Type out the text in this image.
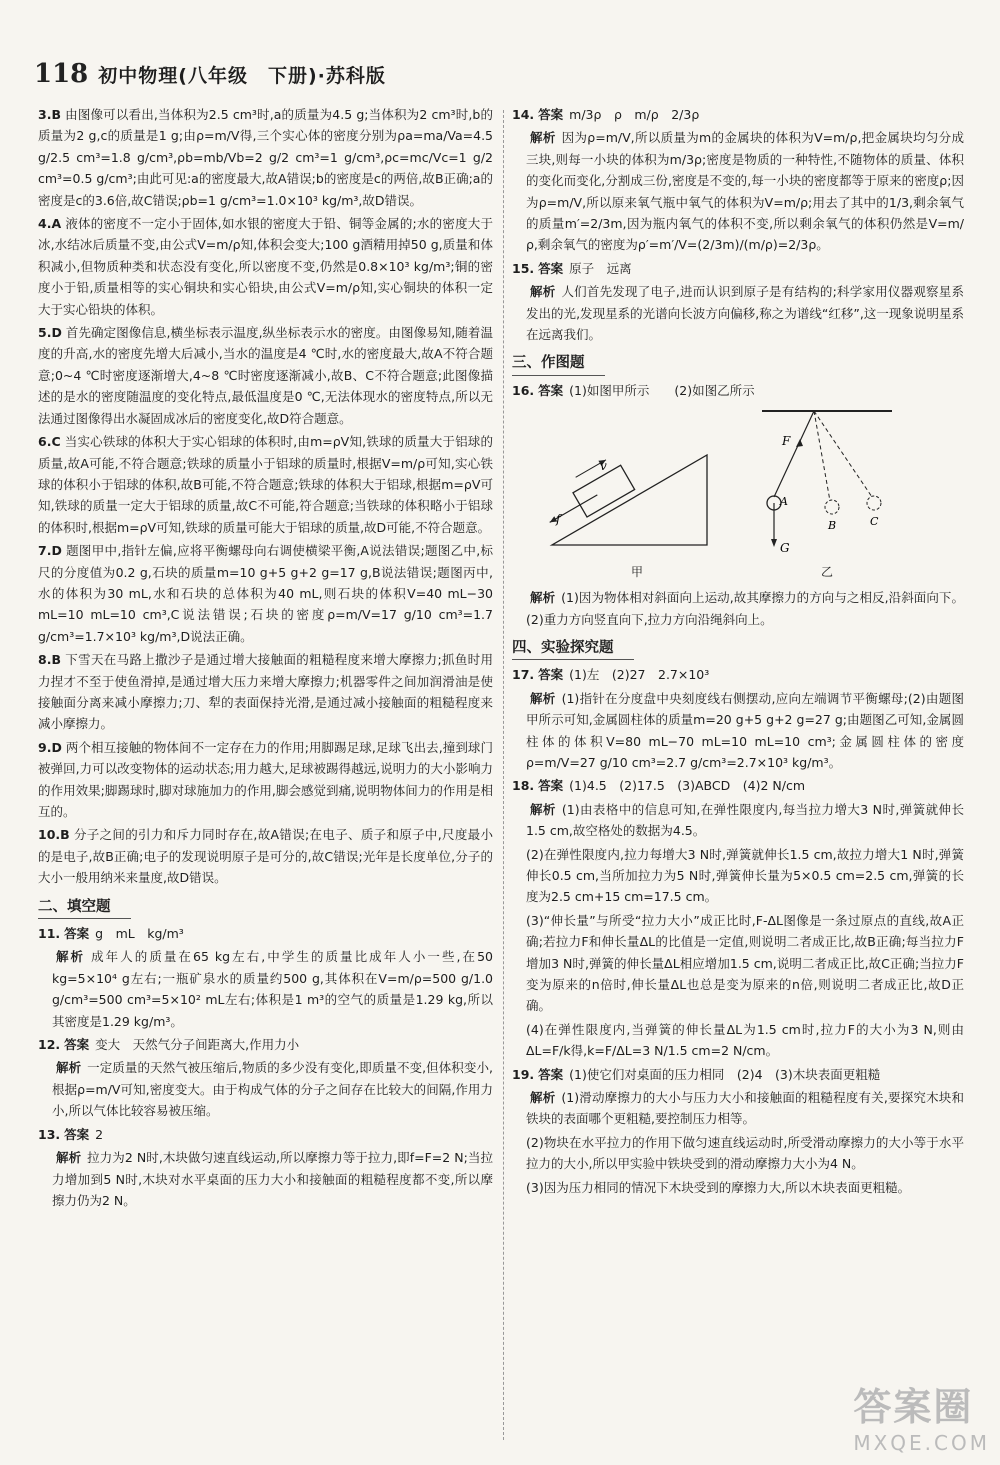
118 初中物理(八年级　下册)·苏科版

3.B 由图像可以看出,当体积为2.5 cm³时,a的质量为4.5 g;当体积为2 cm³时,b的质量为2 g,c的质量是1 g;由ρ=m/V得,三个实心体的密度分别为ρa=ma/Va=4.5 g/2.5 cm³=1.8 g/cm³,ρb=mb/Vb=2 g/2 cm³=1 g/cm³,ρc=mc/Vc=1 g/2 cm³=0.5 g/cm³;由此可见:a的密度最大,故A错误;b的密度是c的两倍,故B正确;a的密度是c的3.6倍,故C错误;ρb=1 g/cm³=1.0×10³ kg/m³,故D错误。

4.A 液体的密度不一定小于固体,如水银的密度大于铅、铜等金属的;水的密度大于冰,水结冰后质量不变,由公式V=m/ρ知,体积会变大;100 g酒精用掉50 g,质量和体积减小,但物质种类和状态没有变化,所以密度不变,仍然是0.8×10³ kg/m³;铜的密度小于铅,质量相等的实心铜块和实心铅块,由公式V=m/ρ知,实心铜块的体积一定大于实心铅块的体积。

5.D 首先确定图像信息,横坐标表示温度,纵坐标表示水的密度。由图像易知,随着温度的升高,水的密度先增大后减小,当水的温度是4 ℃时,水的密度最大,故A不符合题意;0~4 ℃时密度逐渐增大,4~8 ℃时密度逐渐减小,故B、C不符合题意;此图像描述的是水的密度随温度的变化特点,最低温度是0 ℃,无法体现水的密度特点,所以无法通过图像得出水凝固成冰后的密度变化,故D符合题意。

6.C 当实心铁球的体积大于实心铝球的体积时,由m=ρV知,铁球的质量大于铝球的质量,故A可能,不符合题意;铁球的质量小于铝球的质量时,根据V=m/ρ可知,实心铁球的体积小于铝球的体积,故B可能,不符合题意;铁球的体积大于铝球,根据m=ρV可知,铁球的质量一定大于铝球的质量,故C不可能,符合题意;当铁球的体积略小于铝球的体积时,根据m=ρV可知,铁球的质量可能大于铝球的质量,故D可能,不符合题意。

7.D 题图甲中,指针左偏,应将平衡螺母向右调使横梁平衡,A说法错误;题图乙中,标尺的分度值为0.2 g,石块的质量m=10 g+5 g+2 g=17 g,B说法错误;题图丙中,水的体积为30 mL,水和石块的总体积为40 mL,则石块的体积V=40 mL−30 mL=10 mL=10 cm³,C说法错误;石块的密度ρ=m/V=17 g/10 cm³=1.7 g/cm³=1.7×10³ kg/m³,D说法正确。

8.B 下雪天在马路上撒沙子是通过增大接触面的粗糙程度来增大摩擦力;抓鱼时用力捏才不至于使鱼滑掉,是通过增大压力来增大摩擦力;机器零件之间加润滑油是使接触面分离来减小摩擦力;刀、犁的表面保持光滑,是通过减小接触面的粗糙程度来减小摩擦力。

9.D 两个相互接触的物体间不一定存在力的作用;用脚踢足球,足球飞出去,撞到球门被弹回,力可以改变物体的运动状态;用力越大,足球被踢得越远,说明力的大小影响力的作用效果;脚踢球时,脚对球施加力的作用,脚会感觉到痛,说明物体间力的作用是相互的。

10.B 分子之间的引力和斥力同时存在,故A错误;在电子、质子和原子中,尺度最小的是电子,故B正确;电子的发现说明原子是可分的,故C错误;光年是长度单位,分子的大小一般用纳米来量度,故D错误。

二、填空题

11. 答案 g　mL　kg/m³

解析 成年人的质量在65 kg左右,中学生的质量比成年人小一些,在50 kg=5×10⁴ g左右;一瓶矿泉水的质量约500 g,其体积在V=m/ρ=500 g/1.0 g/cm³=500 cm³=5×10² mL左右;体积是1 m³的空气的质量是1.29 kg,所以其密度是1.29 kg/m³。

12. 答案 变大　天然气分子间距离大,作用力小

解析 一定质量的天然气被压缩后,物质的多少没有变化,即质量不变,但体积变小,根据ρ=m/V可知,密度变大。由于构成气体的分子之间存在比较大的间隔,作用力小,所以气体比较容易被压缩。

13. 答案 2

解析 拉力为2 N时,木块做匀速直线运动,所以摩擦力等于拉力,即f=F=2 N;当拉力增加到5 N时,木块对水平桌面的压力大小和接触面的粗糙程度都不变,所以摩擦力仍为2 N。

14. 答案 m/3ρ　ρ　m/ρ　2/3ρ

解析 因为ρ=m/V,所以质量为m的金属块的体积为V=m/ρ,把金属块均匀分成三块,则每一小块的体积为m/3ρ;密度是物质的一种特性,不随物体的质量、体积的变化而变化,分割成三份,密度是不变的,每一小块的密度都等于原来的密度ρ;因为ρ=m/V,所以原来氧气瓶中氧气的体积为V=m/ρ;用去了其中的1/3,剩余氧气的质量m′=2/3m,因为瓶内氧气的体积不变,所以剩余氧气的体积仍然是V=m/ρ,剩余氧气的密度为ρ′=m′/V=(2/3m)/(m/ρ)=2/3ρ。

15. 答案 原子　远离

解析 人们首先发现了电子,进而认识到原子是有结构的;科学家用仪器观察星系发出的光,发现星系的光谱向长波方向偏移,称之为谱线“红移”,这一现象说明星系在远离我们。

三、作图题

16. 答案 (1)如图甲所示　　 (2)如图乙所示

v
f
甲
F
G
A
B	C
乙

解析 (1)因为物体相对斜面向上运动,故其摩擦力的方向与之相反,沿斜面向下。(2)重力方向竖直向下,拉力方向沿绳斜向上。

四、实验探究题

17. 答案 (1)左　(2)27　2.7×10³

解析 (1)指针在分度盘中央刻度线右侧摆动,应向左端调节平衡螺母;(2)由题图甲所示可知,金属圆柱体的质量m=20 g+5 g+2 g=27 g;由题图乙可知,金属圆柱体的体积V=80 mL−70 mL=10 mL=10 cm³;金属圆柱体的密度ρ=m/V=27 g/10 cm³=2.7 g/cm³=2.7×10³ kg/m³。

18. 答案 (1)4.5　(2)17.5　(3)ABCD　(4)2 N/cm

解析 (1)由表格中的信息可知,在弹性限度内,每当拉力增大3 N时,弹簧就伸长1.5 cm,故空格处的数据为4.5。

(2)在弹性限度内,拉力每增大3 N时,弹簧就伸长1.5 cm,故拉力增大1 N时,弹簧伸长0.5 cm,当所加拉力为5 N时,弹簧伸长量为5×0.5 cm=2.5 cm,弹簧的长度为2.5 cm+15 cm=17.5 cm。

(3)“伸长量”与所受“拉力大小”成正比时,F-ΔL图像是一条过原点的直线,故A正确;若拉力F和伸长量ΔL的比值是一定值,则说明二者成正比,故B正确;每当拉力F增加3 N时,弹簧的伸长量ΔL相应增加1.5 cm,说明二者成正比,故C正确;当拉力F变为原来的n倍时,伸长量ΔL也总是变为原来的n倍,则说明二者成正比,故D正确。

(4)在弹性限度内,当弹簧的伸长量ΔL为1.5 cm时,拉力F的大小为3 N,则由ΔL=F/k得,k=F/ΔL=3 N/1.5 cm=2 N/cm。

19. 答案 (1)使它们对桌面的压力相同　(2)4　(3)木块表面更粗糙

解析 (1)滑动摩擦力的大小与压力大小和接触面的粗糙程度有关,要探究木块和铁块的表面哪个更粗糙,要控制压力相等。

(2)物块在水平拉力的作用下做匀速直线运动时,所受滑动摩擦力的大小等于水平拉力的大小,所以甲实验中铁块受到的滑动摩擦力大小为4 N。

(3)因为压力相同的情况下木块受到的摩擦力大,所以木块表面更粗糙。

答案圈
MXQE.COM
